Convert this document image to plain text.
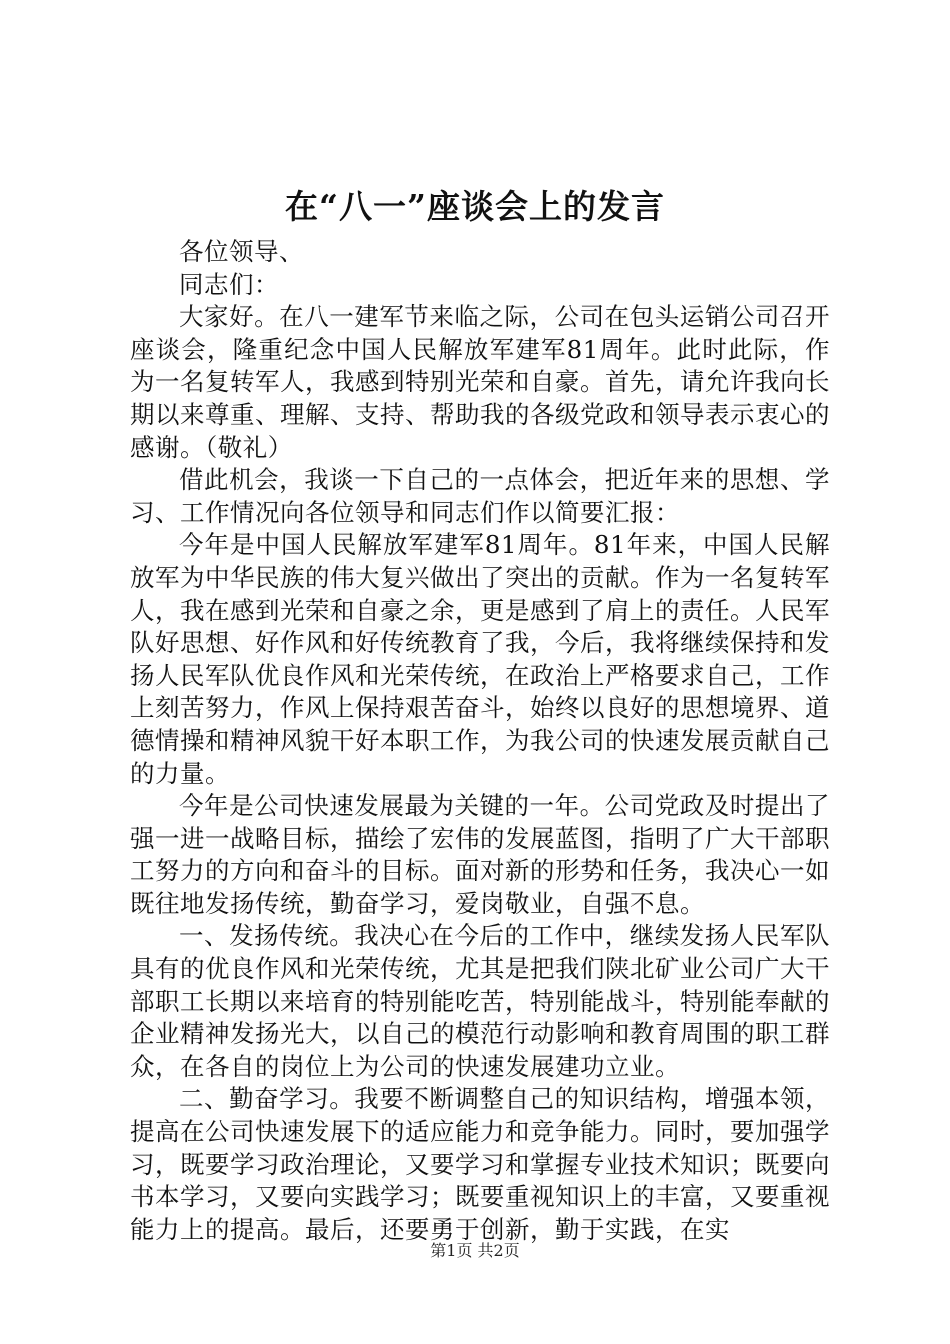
在“八一”座谈会上的发言

各位领导、

同志们：

大家好。在八一建军节来临之际，公司在包头运销公司召开座谈会，隆重纪念中国人民解放军建军81周年。此时此际，作为一名复转军人，我感到特别光荣和自豪。首先，请允许我向长期以来尊重、理解、支持、帮助我的各级党政和领导表示衷心的感谢。（敬礼）

借此机会，我谈一下自己的一点体会，把近年来的思想、学习、工作情况向各位领导和同志们作以简要汇报：

今年是中国人民解放军建军81周年。81年来，中国人民解放军为中华民族的伟大复兴做出了突出的贡献。作为一名复转军人，我在感到光荣和自豪之余，更是感到了肩上的责任。人民军队好思想、好作风和好传统教育了我，今后，我将继续保持和发扬人民军队优良作风和光荣传统，在政治上严格要求自己，工作上刻苦努力，作风上保持艰苦奋斗，始终以良好的思想境界、道德情操和精神风貌干好本职工作，为我公司的快速发展贡献自己的力量。

今年是公司快速发展最为关键的一年。公司党政及时提出了强一进一战略目标，描绘了宏伟的发展蓝图，指明了广大干部职工努力的方向和奋斗的目标。面对新的形势和任务，我决心一如既往地发扬传统，勤奋学习，爱岗敬业，自强不息。

一、发扬传统。我决心在今后的工作中，继续发扬人民军队具有的优良作风和光荣传统，尤其是把我们陕北矿业公司广大干部职工长期以来培育的特别能吃苦，特别能战斗，特别能奉献的企业精神发扬光大，以自己的模范行动影响和教育周围的职工群众，在各自的岗位上为公司的快速发展建功立业。

二、勤奋学习。我要不断调整自己的知识结构，增强本领，提高在公司快速发展下的适应能力和竞争能力。同时，要加强学习，既要学习政治理论，又要学习和掌握专业技术知识；既要向书本学习，又要向实践学习；既要重视知识上的丰富，又要重视能力上的提高。最后，还要勇于创新，勤于实践，在实

第1页 共2页
